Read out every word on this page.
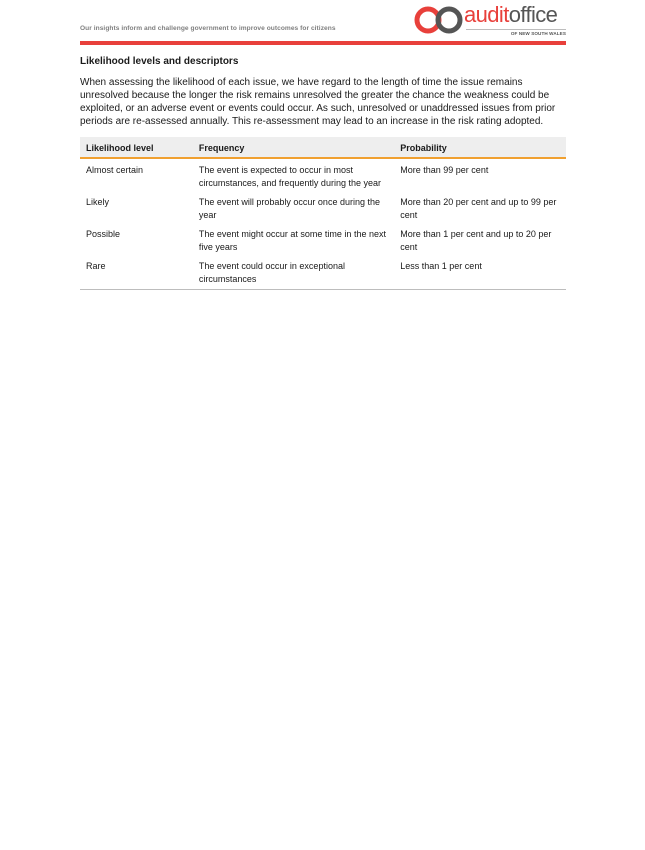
Our insights inform and challenge government to improve outcomes for citizens
auditoffice
OF NEW SOUTH WALES
Likelihood levels and descriptors

When assessing the likelihood of each issue, we have regard to the length of time the issue remains unresolved because the longer the risk remains unresolved the greater the chance the weakness could be exploited, or an adverse event or events could occur. As such, unresolved or unaddressed issues from prior periods are re-assessed annually. This re-assessment may lead to an increase in the risk rating adopted.

Likelihood level	Frequency	Probability
Almost certain	The event is expected to occur in most circumstances, and frequently during the year	More than 99 per cent
Likely	The event will probably occur once during the year	More than 20 per cent and up to 99 per cent
Possible	The event might occur at some time in the next five years	More than 1 per cent and up to 20 per cent
Rare	The event could occur in exceptional circumstances	Less than 1 per cent
